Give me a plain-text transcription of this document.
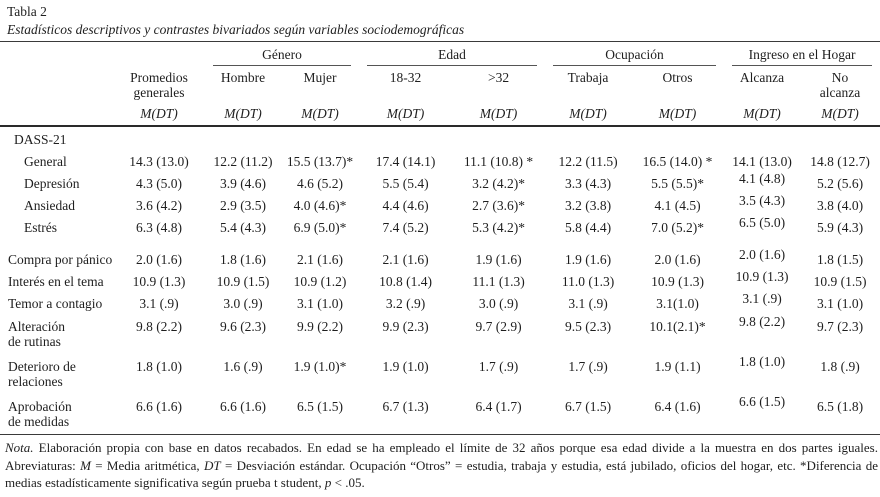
Tabla 2
Estadísticos descriptivos y contrastes bivariados según variables sociodemográficas

		Género		Edad		Ocupación		Ingreso en el Hogar	

	Promedios
generales	Hombre	Mujer	18-32	>32	Trabaja	Otros	Alcanza	No
alcanza
	M(DT)	M(DT)	M(DT)	M(DT)	M(DT)	M(DT)	M(DT)	M(DT)	M(DT)
DASS-21									
General	14.3 (13.0)	12.2 (11.2)	15.5 (13.7)*	17.4 (14.1)	11.1 (10.8) *	12.2 (11.5)	16.5 (14.0) *	14.1 (13.0)	14.8 (12.7)
Depresión	4.3 (5.0)	3.9 (4.6)	4.6 (5.2)	5.5 (5.4)	3.2 (4.2)*	3.3 (4.3)	5.5 (5.5)*	4.1 (4.8)	5.2 (5.6)
Ansiedad	3.6 (4.2)	2.9 (3.5)	4.0 (4.6)*	4.4 (4.6)	2.7 (3.6)*	3.2 (3.8)	4.1 (4.5)	3.5 (4.3)	3.8 (4.0)
Estrés	6.3 (4.8)	5.4 (4.3)	6.9 (5.0)*	7.4 (5.2)	5.3 (4.2)*	5.8 (4.4)	7.0 (5.2)*	6.5 (5.0)	5.9 (4.3)
Compra por pánico	2.0 (1.6)	1.8 (1.6)	2.1 (1.6)	2.1 (1.6)	1.9 (1.6)	1.9 (1.6)	2.0 (1.6)	2.0 (1.6)	1.8 (1.5)
Interés en el tema	10.9 (1.3)	10.9 (1.5)	10.9 (1.2)	10.8 (1.4)	11.1 (1.3)	11.0 (1.3)	10.9 (1.3)	10.9 (1.3)	10.9 (1.5)
Temor a contagio	3.1 (.9)	3.0 (.9)	3.1 (1.0)	3.2 (.9)	3.0 (.9)	3.1 (.9)	3.1(1.0)	3.1 (.9)	3.1 (1.0)
Alteración
de rutinas	9.8 (2.2)	9.6 (2.3)	9.9 (2.2)	9.9 (2.3)	9.7 (2.9)	9.5 (2.3)	10.1(2.1)*	9.8 (2.2)	9.7 (2.3)
Deterioro de
relaciones	1.8 (1.0)	1.6 (.9)	1.9 (1.0)*	1.9 (1.0)	1.7 (.9)	1.7 (.9)	1.9 (1.1)	1.8 (1.0)	1.8 (.9)
Aprobación
de medidas	6.6 (1.6)	6.6 (1.6)	6.5 (1.5)	6.7 (1.3)	6.4 (1.7)	6.7 (1.5)	6.4 (1.6)	6.6 (1.5)	6.5 (1.8)

Nota. Elaboración propia con base en datos recabados. En edad se ha empleado el límite de 32 años porque esa edad divide a la muestra en dos partes iguales. Abreviaturas: M = Media aritmética, DT = Desviación estándar. Ocupación “Otros” = estudia, trabaja y estudia, está jubilado, oficios del hogar, etc. *Diferencia de medias estadísticamente significativa según prueba t student, p < .05.
